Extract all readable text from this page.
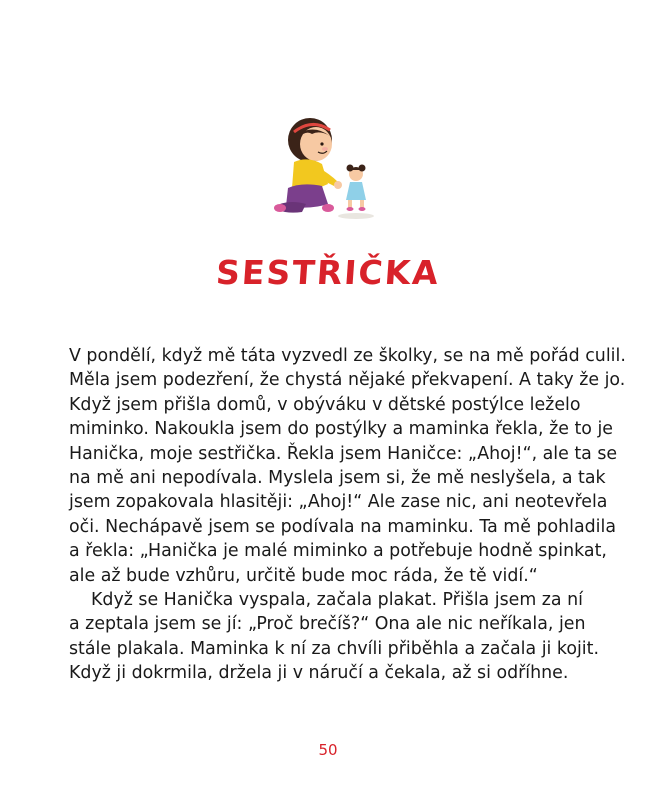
SESTŘIČKA

V pondělí, když mě táta vyzvedl ze školky, se na mě pořád culil.
Měla jsem podezření, že chystá nějaké překvapení. A taky že jo.
Když jsem přišla domů, v obýváku v dětské postýlce leželo
miminko. Nakoukla jsem do postýlky a maminka řekla, že to je
Hanička, moje sestřička. Řekla jsem Haničce: „Ahoj!“, ale ta se
na mě ani nepodívala. Myslela jsem si, že mě neslyšela, a tak
jsem zopakovala hlasitěji: „Ahoj!“ Ale zase nic, ani neotevřela
oči. Nechápavě jsem se podívala na maminku. Ta mě pohladila
a řekla: „Hanička je malé miminko a potřebuje hodně spinkat,
ale až bude vzhůru, určitě bude moc ráda, že tě vidí.“

Když se Hanička vyspala, začala plakat. Přišla jsem za ní
a zeptala jsem se jí: „Proč brečíš?“ Ona ale nic neříkala, jen
stále plakala. Maminka k ní za chvíli přiběhla a začala ji kojit.
Když ji dokrmila, držela ji v náručí a čekala, až si odříhne.

50
